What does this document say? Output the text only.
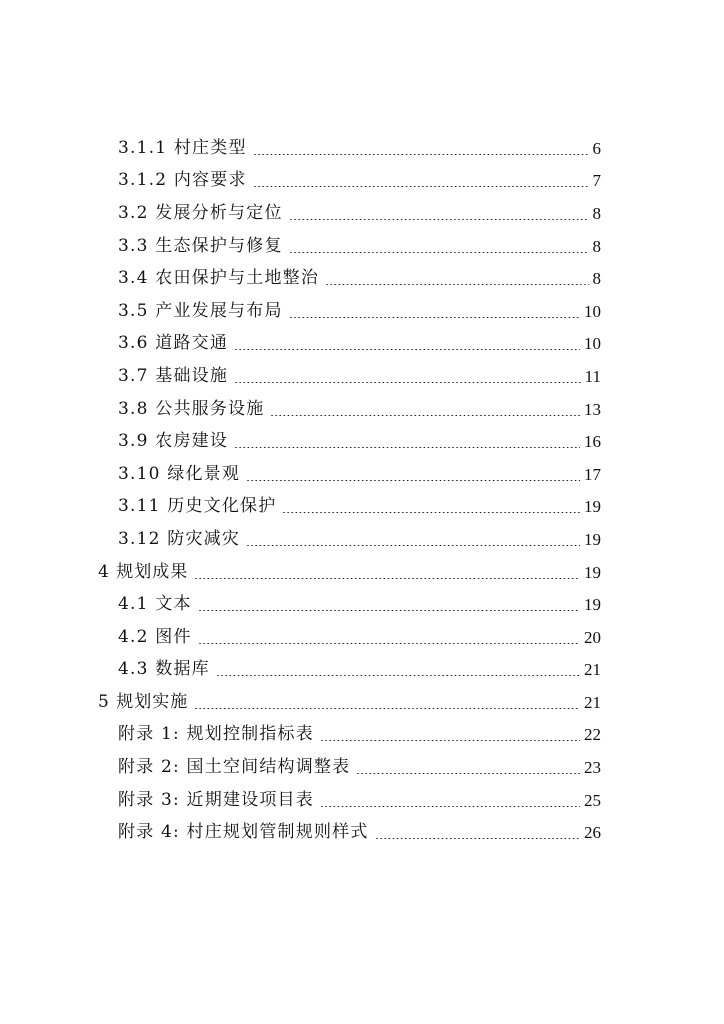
3.1.1 村庄类型	6
3.1.2 内容要求	7
3.2 发展分析与定位	8
3.3 生态保护与修复	8
3.4 农田保护与土地整治	8
3.5 产业发展与布局	10
3.6 道路交通	10
3.7 基础设施	11
3.8 公共服务设施	13
3.9 农房建设	16
3.10 绿化景观	17
3.11 历史文化保护	19
3.12 防灾减灾	19
4 规划成果	19
4.1 文本	19
4.2 图件	20
4.3 数据库	21
5 规划实施	21
附录 1: 规划控制指标表	22
附录 2: 国土空间结构调整表	23
附录 3: 近期建设项目表	25
附录 4: 村庄规划管制规则样式	26
